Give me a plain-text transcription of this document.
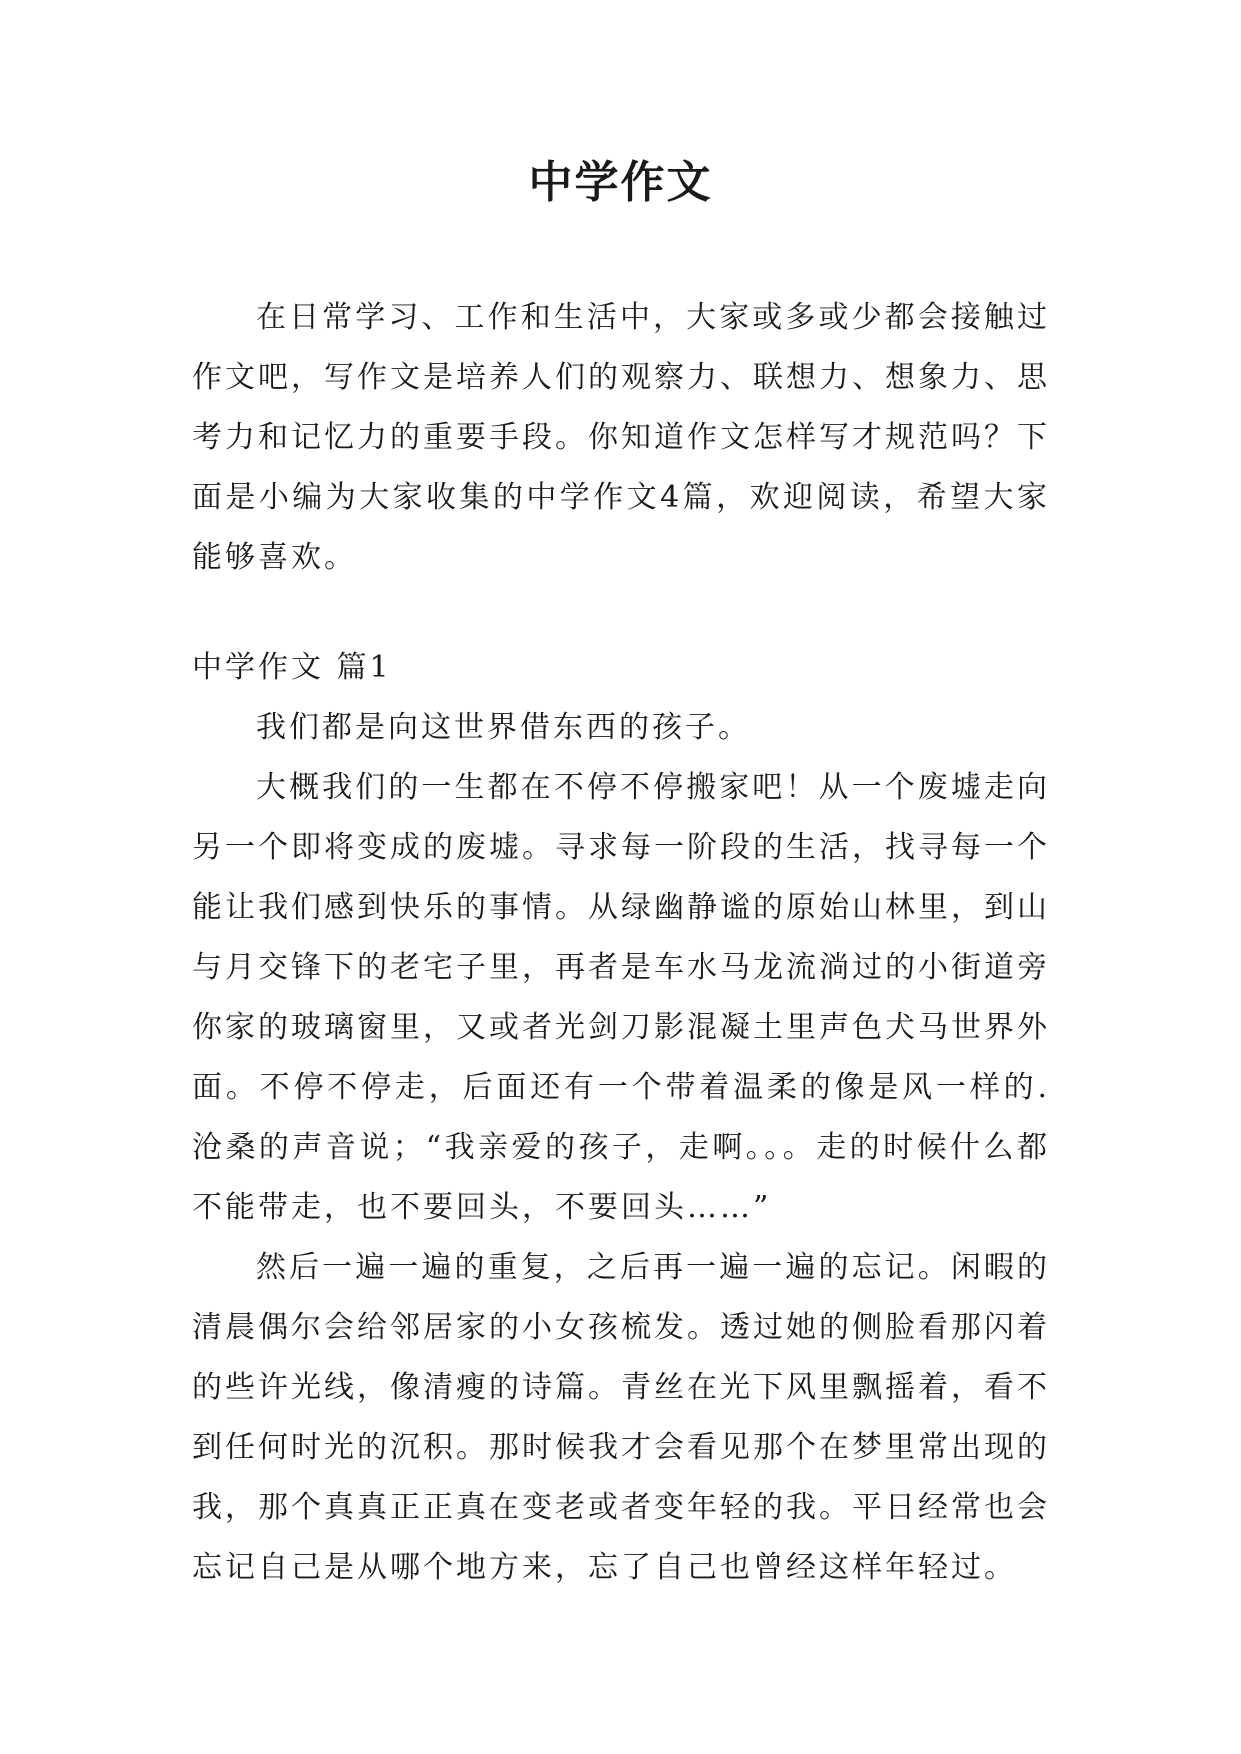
中学作文

在日常学习、工作和生活中，大家或多或少都会接触过作文吧，写作文是培养人们的观察力、联想力、想象力、思考力和记忆力的重要手段。你知道作文怎样写才规范吗？下面是小编为大家收集的中学作文4篇，欢迎阅读，希望大家能够喜欢。

中学作文 篇1

我们都是向这世界借东西的孩子。

大概我们的一生都在不停不停搬家吧！从一个废墟走向另一个即将变成的废墟。寻求每一阶段的生活，找寻每一个能让我们感到快乐的事情。从绿幽静谧的原始山林里，到山与月交锋下的老宅子里，再者是车水马龙流淌过的小街道旁你家的玻璃窗里，又或者光剑刀影混凝土里声色犬马世界外面。不停不停走，后面还有一个带着温柔的像是风一样的.沧桑的声音说；“我亲爱的孩子，走啊。。。走的时候什么都不能带走，也不要回头，不要回头……”

然后一遍一遍的重复，之后再一遍一遍的忘记。闲暇的清晨偶尔会给邻居家的小女孩梳发。透过她的侧脸看那闪着的些许光线，像清瘦的诗篇。青丝在光下风里飘摇着，看不到任何时光的沉积。那时候我才会看见那个在梦里常出现的我，那个真真正正真在变老或者变年轻的我。平日经常也会忘记自己是从哪个地方来，忘了自己也曾经这样年轻过。
